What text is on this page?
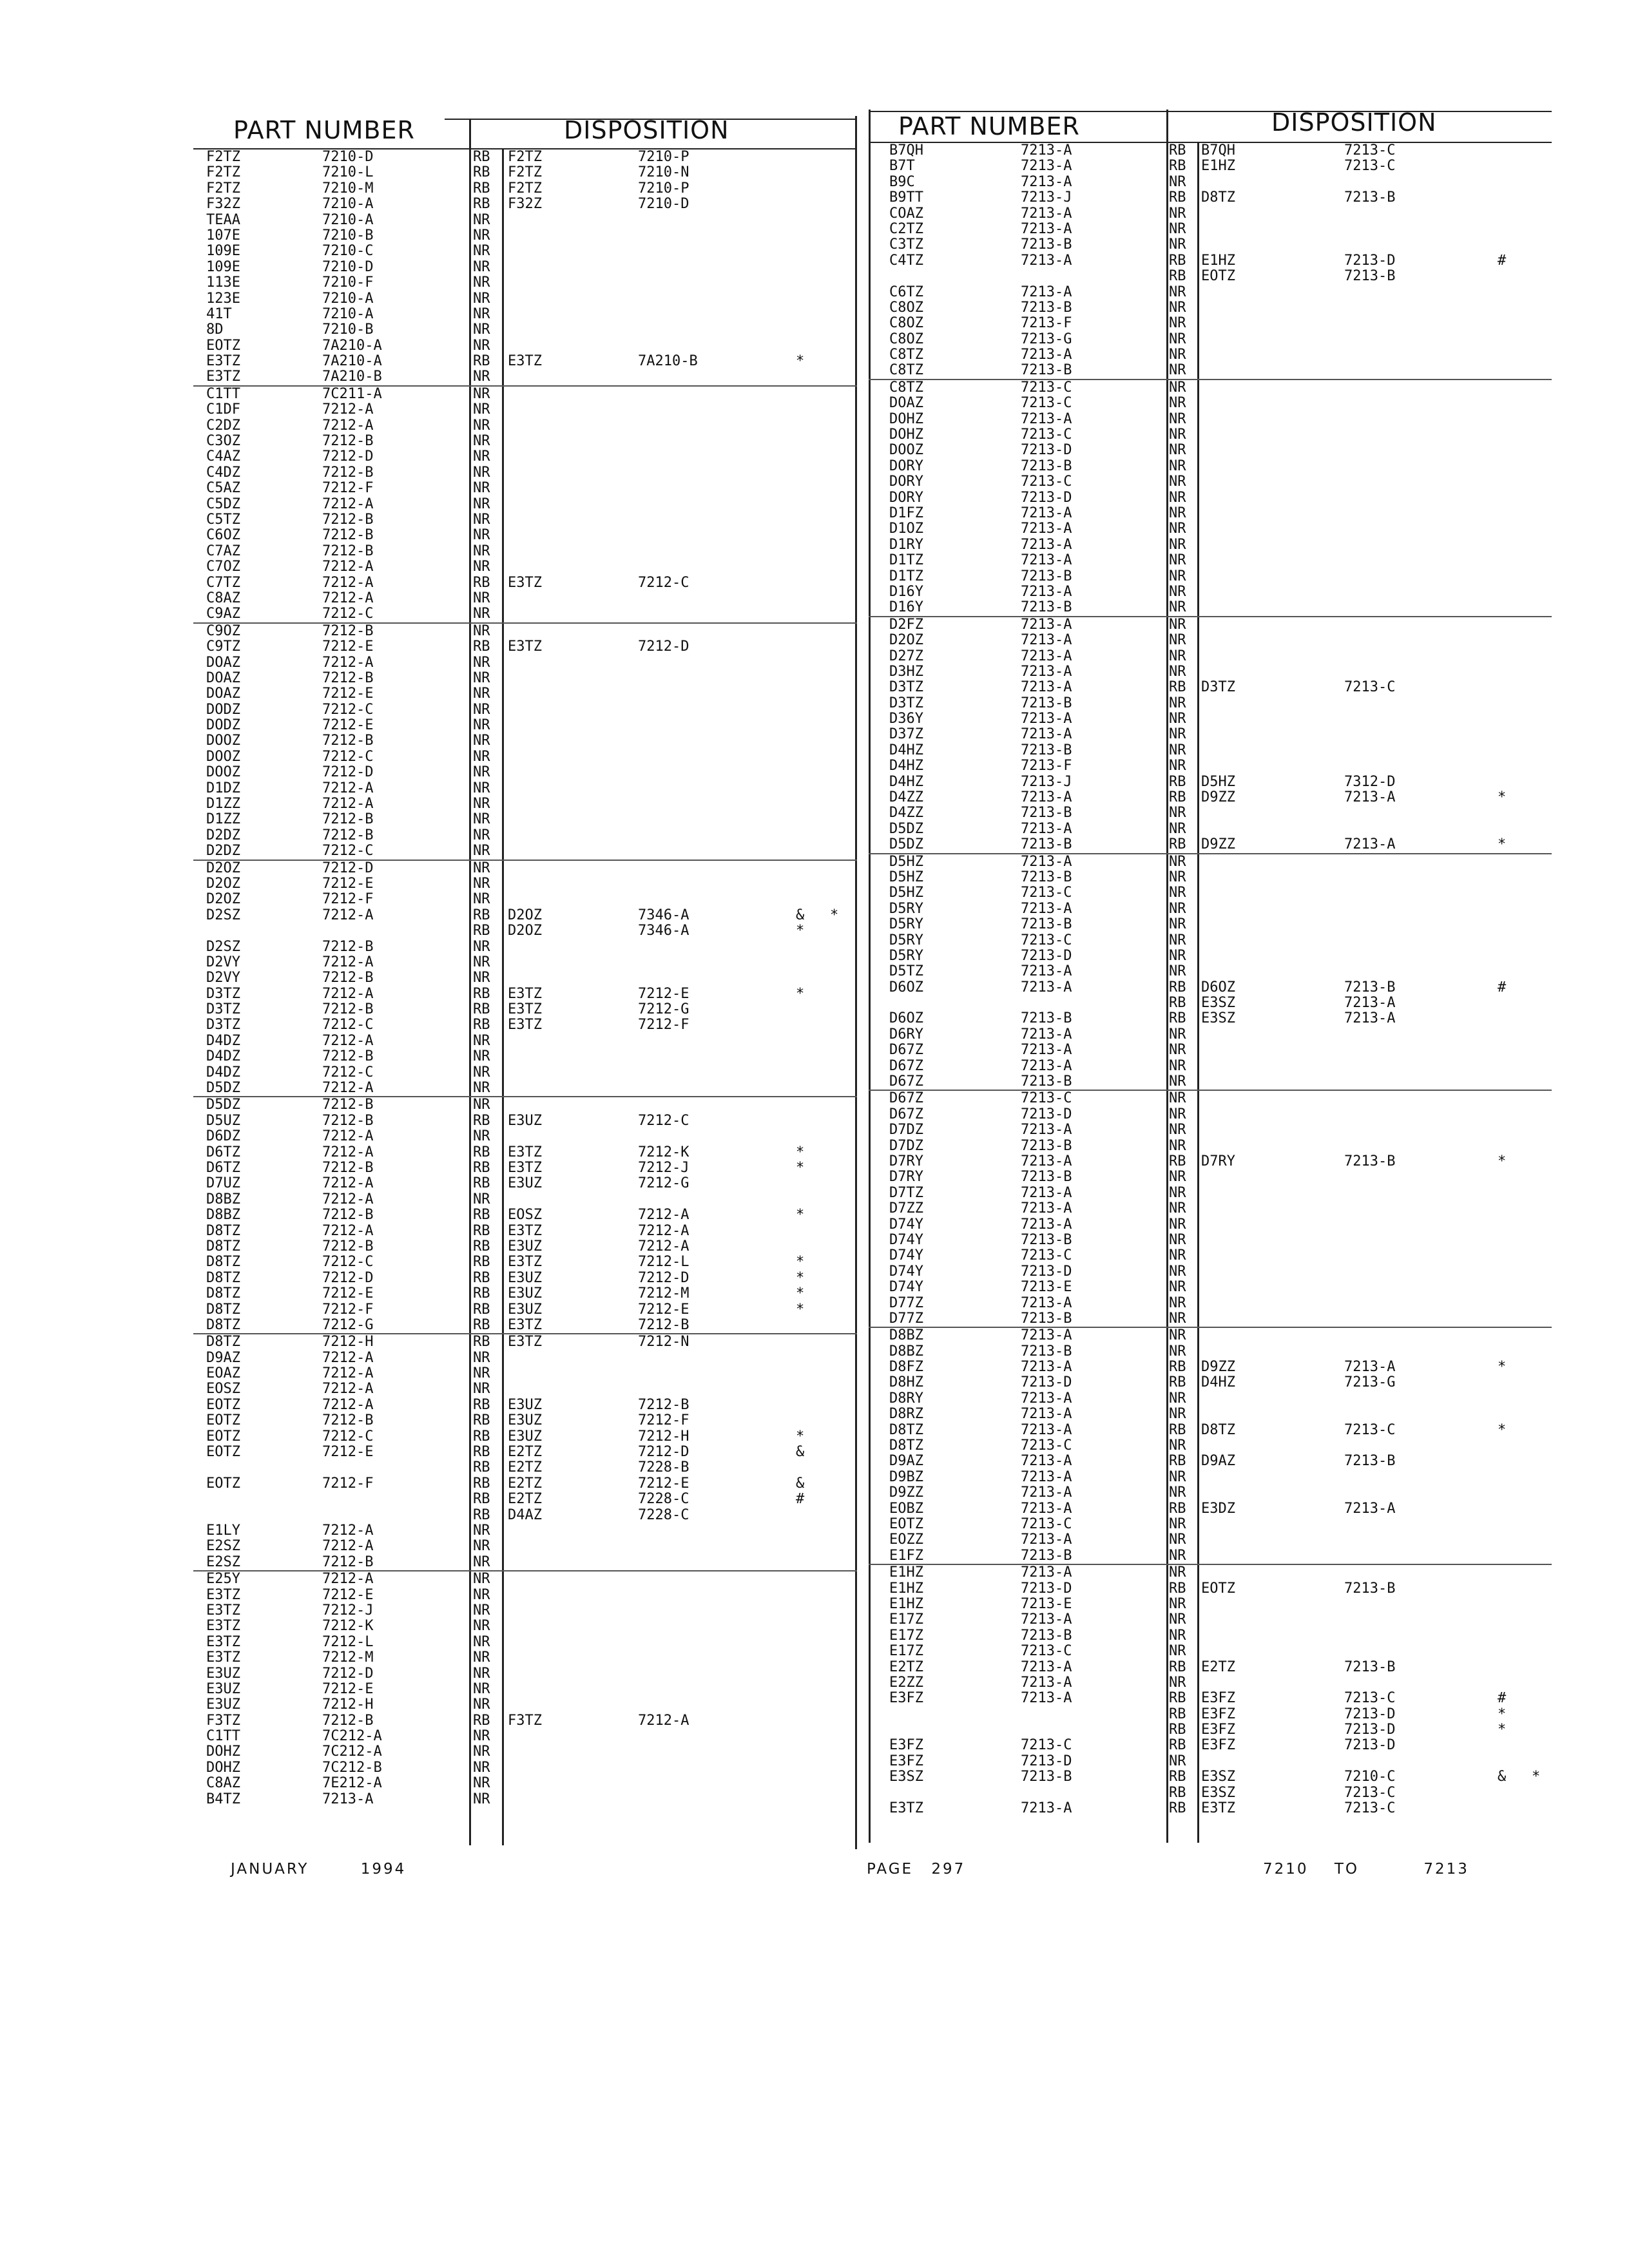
PART NUMBER	DISPOSITION
F2TZ	7210-D	RB F2TZ	7210-P
F2TZ	7210-L	RB F2TZ	7210-N
F2TZ	7210-M	RB F2TZ	7210-P
F32Z	7210-A	RB F32Z	7210-D
TEAA	7210-A	NR
107E	7210-B	NR
109E	7210-C	NR
109E	7210-D	NR
113E	7210-F	NR
123E	7210-A	NR
41T	7210-A	NR
8D	7210-B	NR
EOTZ	7A210-A	NR
E3TZ	7A210-A	RB E3TZ	7A210-B	*
E3TZ	7A210-B	NR
C1TT	7C211-A	NR
C1DF	7212-A	NR
C2DZ	7212-A	NR
C3OZ	7212-B	NR
C4AZ	7212-D	NR
C4DZ	7212-B	NR
C5AZ	7212-F	NR
C5DZ	7212-A	NR
C5TZ	7212-B	NR
C6OZ	7212-B	NR
C7AZ	7212-B	NR
C7OZ	7212-A	NR
C7TZ	7212-A	RB E3TZ	7212-C
C8AZ	7212-A	NR
C9AZ	7212-C	NR
C9OZ	7212-B	NR
C9TZ	7212-E	RB E3TZ	7212-D
DOAZ	7212-A	NR
DOAZ	7212-B	NR
DOAZ	7212-E	NR
DODZ	7212-C	NR
DODZ	7212-E	NR
DOOZ	7212-B	NR
DOOZ	7212-C	NR
DOOZ	7212-D	NR
D1DZ	7212-A	NR
D1ZZ	7212-A	NR
D1ZZ	7212-B	NR
D2DZ	7212-B	NR
D2DZ	7212-C	NR
D2OZ	7212-D	NR
D2OZ	7212-E	NR
D2OZ	7212-F	NR
D2SZ	7212-A	RB D2OZ	7346-A	&   *
RB D2OZ	7346-A	*
D2SZ	7212-B	NR
D2VY	7212-A	NR
D2VY	7212-B	NR
D3TZ	7212-A	RB E3TZ	7212-E	*
D3TZ	7212-B	RB E3TZ	7212-G
D3TZ	7212-C	RB E3TZ	7212-F
D4DZ	7212-A	NR
D4DZ	7212-B	NR
D4DZ	7212-C	NR
D5DZ	7212-A	NR
D5DZ	7212-B	NR
D5UZ	7212-B	RB E3UZ	7212-C
D6DZ	7212-A	NR
D6TZ	7212-A	RB E3TZ	7212-K	*
D6TZ	7212-B	RB E3TZ	7212-J	*
D7UZ	7212-A	RB E3UZ	7212-G
D8BZ	7212-A	NR
D8BZ	7212-B	RB EOSZ	7212-A	*
D8TZ	7212-A	RB E3TZ	7212-A
D8TZ	7212-B	RB E3UZ	7212-A
D8TZ	7212-C	RB E3TZ	7212-L	*
D8TZ	7212-D	RB E3UZ	7212-D	*
D8TZ	7212-E	RB E3UZ	7212-M	*
D8TZ	7212-F	RB E3UZ	7212-E	*
D8TZ	7212-G	RB E3TZ	7212-B
D8TZ	7212-H	RB E3TZ	7212-N
D9AZ	7212-A	NR
EOAZ	7212-A	NR
EOSZ	7212-A	NR
EOTZ	7212-A	RB E3UZ	7212-B
EOTZ	7212-B	RB E3UZ	7212-F
EOTZ	7212-C	RB E3UZ	7212-H	*
EOTZ	7212-E	RB E2TZ	7212-D	&
RB E2TZ	7228-B
EOTZ	7212-F	RB E2TZ	7212-E	&
RB E2TZ	7228-C	#
RB D4AZ	7228-C
E1LY	7212-A	NR
E2SZ	7212-A	NR
E2SZ	7212-B	NR
E25Y	7212-A	NR
E3TZ	7212-E	NR
E3TZ	7212-J	NR
E3TZ	7212-K	NR
E3TZ	7212-L	NR
E3TZ	7212-M	NR
E3UZ	7212-D	NR
E3UZ	7212-E	NR
E3UZ	7212-H	NR
F3TZ	7212-B	RB F3TZ	7212-A
C1TT	7C212-A	NR
DOHZ	7C212-A	NR
DOHZ	7C212-B	NR
C8AZ	7E212-A	NR
B4TZ	7213-A	NR
PART NUMBER	DISPOSITION
B7QH	7213-A	RB B7QH	7213-C
B7T	7213-A	RB E1HZ	7213-C
B9C	7213-A	NR
B9TT	7213-J	RB D8TZ	7213-B
COAZ	7213-A	NR
C2TZ	7213-A	NR
C3TZ	7213-B	NR
C4TZ	7213-A	RB E1HZ	7213-D	#
RB EOTZ	7213-B
C6TZ	7213-A	NR
C8OZ	7213-B	NR
C8OZ	7213-F	NR
C8OZ	7213-G	NR
C8TZ	7213-A	NR
C8TZ	7213-B	NR
C8TZ	7213-C	NR
DOAZ	7213-C	NR
DOHZ	7213-A	NR
DOHZ	7213-C	NR
DOOZ	7213-D	NR
DORY	7213-B	NR
DORY	7213-C	NR
DORY	7213-D	NR
D1FZ	7213-A	NR
D1OZ	7213-A	NR
D1RY	7213-A	NR
D1TZ	7213-A	NR
D1TZ	7213-B	NR
D16Y	7213-A	NR
D16Y	7213-B	NR
D2FZ	7213-A	NR
D2OZ	7213-A	NR
D27Z	7213-A	NR
D3HZ	7213-A	NR
D3TZ	7213-A	RB D3TZ	7213-C
D3TZ	7213-B	NR
D36Y	7213-A	NR
D37Z	7213-A	NR
D4HZ	7213-B	NR
D4HZ	7213-F	NR
D4HZ	7213-J	RB D5HZ	7312-D
D4ZZ	7213-A	RB D9ZZ	7213-A	*
D4ZZ	7213-B	NR
D5DZ	7213-A	NR
D5DZ	7213-B	RB D9ZZ	7213-A	*
D5HZ	7213-A	NR
D5HZ	7213-B	NR
D5HZ	7213-C	NR
D5RY	7213-A	NR
D5RY	7213-B	NR
D5RY	7213-C	NR
D5RY	7213-D	NR
D5TZ	7213-A	NR
D6OZ	7213-A	RB D6OZ	7213-B	#
RB E3SZ	7213-A
D6OZ	7213-B	RB E3SZ	7213-A
D6RY	7213-A	NR
D67Z	7213-A	NR
D67Z	7213-A	NR
D67Z	7213-B	NR
D67Z	7213-C	NR
D67Z	7213-D	NR
D7DZ	7213-A	NR
D7DZ	7213-B	NR
D7RY	7213-A	RB D7RY	7213-B	*
D7RY	7213-B	NR
D7TZ	7213-A	NR
D7ZZ	7213-A	NR
D74Y	7213-A	NR
D74Y	7213-B	NR
D74Y	7213-C	NR
D74Y	7213-D	NR
D74Y	7213-E	NR
D77Z	7213-A	NR
D77Z	7213-B	NR
D8BZ	7213-A	NR
D8BZ	7213-B	NR
D8FZ	7213-A	RB D9ZZ	7213-A	*
D8HZ	7213-D	RB D4HZ	7213-G
D8RY	7213-A	NR
D8RZ	7213-A	NR
D8TZ	7213-A	RB D8TZ	7213-C	*
D8TZ	7213-C	NR
D9AZ	7213-A	RB D9AZ	7213-B
D9BZ	7213-A	NR
D9ZZ	7213-A	NR
EOBZ	7213-A	RB E3DZ	7213-A
EOTZ	7213-C	NR
EOZZ	7213-A	NR
E1FZ	7213-B	NR
E1HZ	7213-A	NR
E1HZ	7213-D	RB EOTZ	7213-B
E1HZ	7213-E	NR
E17Z	7213-A	NR
E17Z	7213-B	NR
E17Z	7213-C	NR
E2TZ	7213-A	RB E2TZ	7213-B
E2ZZ	7213-A	NR
E3FZ	7213-A	RB E3FZ	7213-C	#
RB E3FZ	7213-D	*
RB E3FZ	7213-D	*
E3FZ	7213-C	RB E3FZ	7213-D
E3FZ	7213-D	NR
E3SZ	7213-B	RB E3SZ	7210-C	&   *
RB E3SZ	7213-C
E3TZ	7213-A	RB E3TZ	7213-C
JANUARY	1994	PAGE 297	7210 TO	7213
